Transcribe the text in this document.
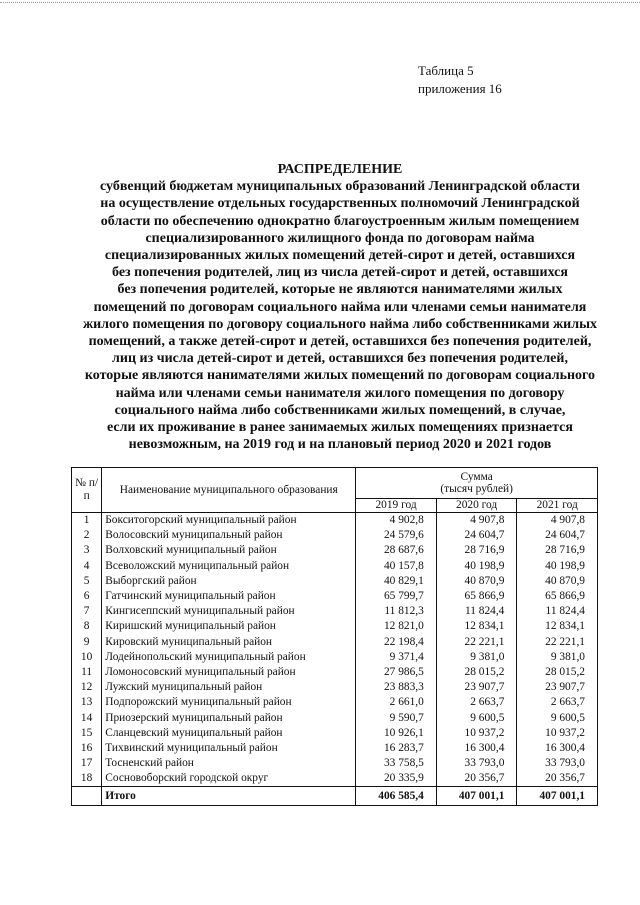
Таблица 5
приложения 16
РАСПРЕДЕЛЕНИЕ
субвенций бюджетам муниципальных образований Ленинградской области
на осуществление отдельных государственных полномочий Ленинградской
области по обеспечению однократно благоустроенным жилым помещением
специализированного жилищного фонда по договорам найма
специализированных жилых помещений детей-сирот и детей, оставшихся
без попечения родителей, лиц из числа детей-сирот и детей, оставшихся
без попечения родителей, которые не являются нанимателями жилых
помещений по договорам социального найма или членами семьи нанимателя
жилого помещения по договору социального найма либо собственниками жилых
помещений, а также детей-сирот и детей, оставшихся без попечения родителей,
лиц из числа детей-сирот и детей, оставшихся без попечения родителей,
которые являются нанимателями жилых помещений по договорам социального
найма или членами семьи нанимателя жилого помещения по договору
социального найма либо собственниками жилых помещений, в случае,
если их проживание в ранее занимаемых жилых помещениях признается
невозможным, на 2019 год и на плановый период 2020 и 2021 годов
№ п/п	Наименование муниципального образования	Сумма
(тысяч рублей)		

		2019 год	2020 год	2021 год
1	Бокситогорский муниципальный район	4 902,8	4 907,8	4 907,8
2	Волосовский муниципальный район	24 579,6	24 604,7	24 604,7
3	Волховский муниципальный район	28 687,6	28 716,9	28 716,9
4	Всеволожский муниципальный район	40 157,8	40 198,9	40 198,9
5	Выборгский район	40 829,1	40 870,9	40 870,9
6	Гатчинский муниципальный район	65 799,7	65 866,9	65 866,9
7	Кингисеппский муниципальный район	11 812,3	11 824,4	11 824,4
8	Киришский муниципальный район	12 821,0	12 834,1	12 834,1
9	Кировский муниципальный район	22 198,4	22 221,1	22 221,1
10	Лодейнопольский муниципальный район	9 371,4	9 381,0	9 381,0
11	Ломоносовский муниципальный район	27 986,5	28 015,2	28 015,2
12	Лужский муниципальный район	23 883,3	23 907,7	23 907,7
13	Подпорожский муниципальный район	2 661,0	2 663,7	2 663,7
14	Приозерский муниципальный район	9 590,7	9 600,5	9 600,5
15	Сланцевский муниципальный район	10 926,1	10 937,2	10 937,2
16	Тихвинский муниципальный район	16 283,7	16 300,4	16 300,4
17	Тосненский район	33 758,5	33 793,0	33 793,0
18	Сосновоборский городской округ	20 335,9	20 356,7	20 356,7
	Итого	406 585,4	407 001,1	407 001,1
